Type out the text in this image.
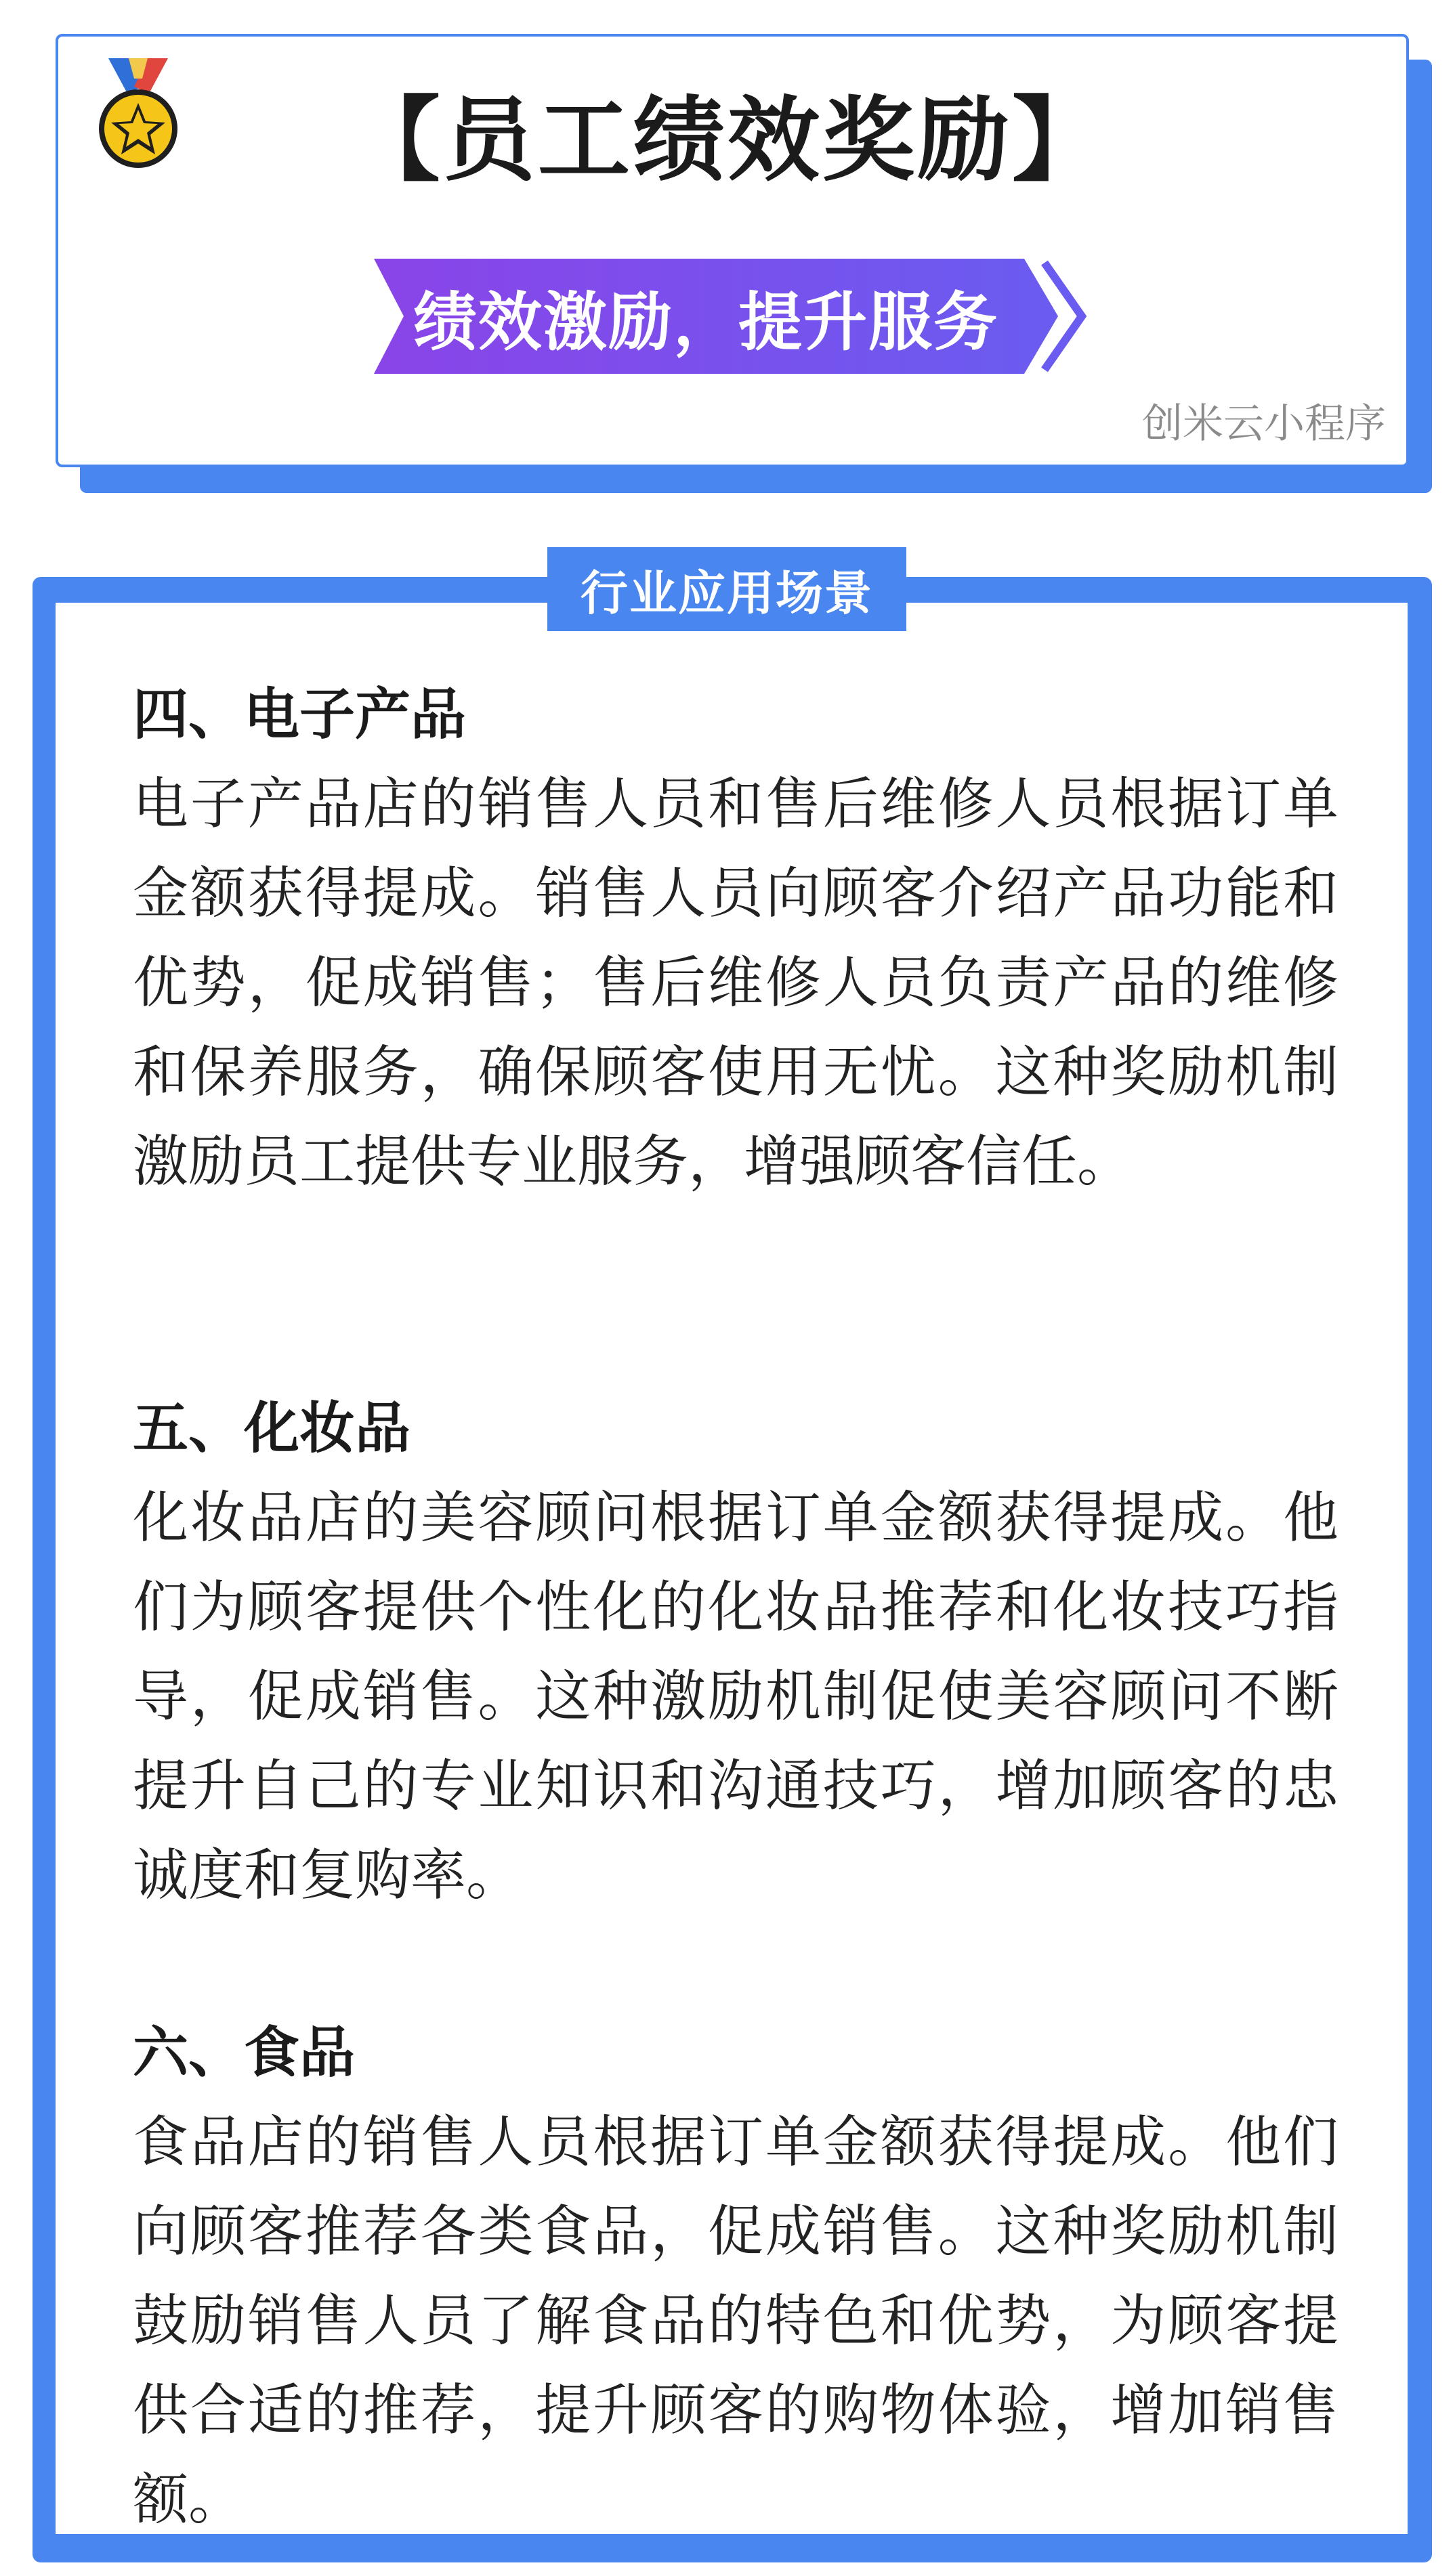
【员工绩效奖励】
绩效激励，提升服务
创米云小程序
行业应用场景
四、电子产品
电子产品店的销售人员和售后维修人员根据订单金额获得提成。销售人员向顾客介绍产品功能和优势，促成销售；售后维修人员负责产品的维修和保养服务，确保顾客使用无忧。这种奖励机制激励员工提供专业服务，增强顾客信任。
五、化妆品
化妆品店的美容顾问根据订单金额获得提成。他们为顾客提供个性化的化妆品推荐和化妆技巧指导，促成销售。这种激励机制促使美容顾问不断提升自己的专业知识和沟通技巧，增加顾客的忠诚度和复购率。
六、食品
食品店的销售人员根据订单金额获得提成。他们向顾客推荐各类食品，促成销售。这种奖励机制鼓励销售人员了解食品的特色和优势，为顾客提供合适的推荐，提升顾客的购物体验，增加销售额。
